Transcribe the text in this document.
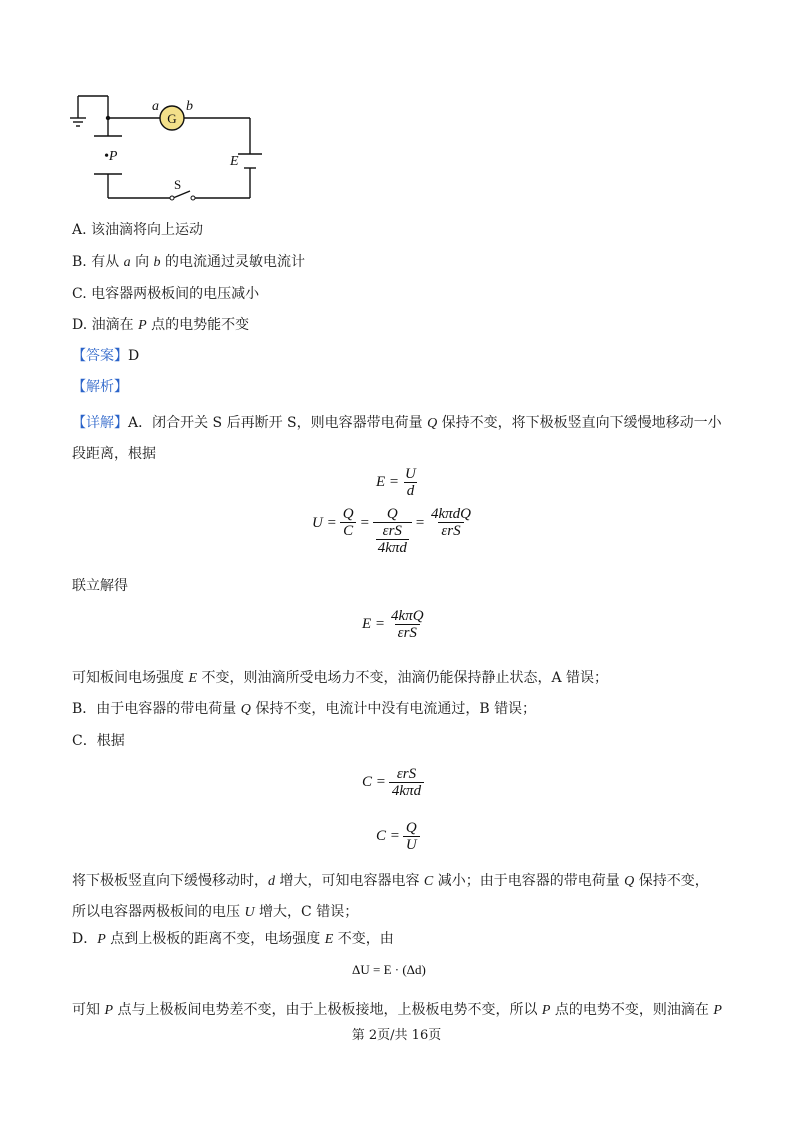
G
a b
•P	E
S
A. 该油滴将向上运动
B. 有从 a 向 b 的电流通过灵敏电流计
C. 电容器两极板间的电压减小
D. 油滴在 P 点的电势能不变
【答案】D
【解析】
【详解】A．闭合开关 S 后再断开 S，则电容器带电荷量 Q 保持不变，将下极板竖直向下缓慢地移动一小段距离，根据
$E = \frac{U}{d}$
$U = \frac{Q}{C} = Q$
εrS
$4k\pi d = \frac{\text{4kπdQ}}{\text{εrS}}$
联立解得
$E = \frac{\text{4kπQ}}{\text{εrS}}$
可知板间电场强度 E 不变，则油滴所受电场力不变，油滴仍能保持静止状态，A 错误；
B．由于电容器的带电荷量 Q 保持不变，电流计中没有电流通过，B 错误；
C．根据
$C = \frac{\text{εrS}}{\text{4kπd}}$
$C = \frac{Q}{U}$
将下极板竖直向下缓慢移动时，d 增大，可知电容器电容 C 减小；由于电容器的带电荷量 Q 保持不变，所以电容器两极板间的电压 U 增大，C 错误；
D．P 点到上极板的距离不变，电场强度 E 不变，由
ΔU = E · (Δd)
可知 P 点与上极板间电势差不变，由于上极板接地，上极板电势不变，所以 P 点的电势不变，则油滴在 P
第 2页/共 16页
